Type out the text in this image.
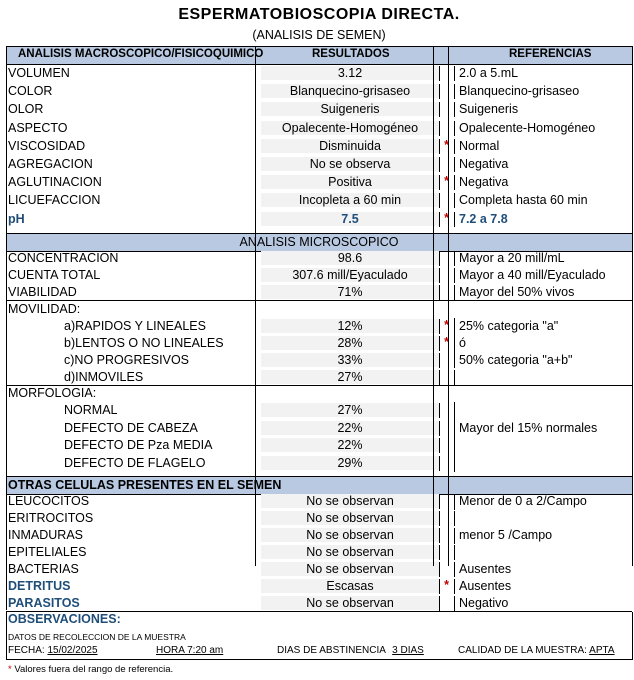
ESPERMATOBIOSCOPIA DIRECTA.
(ANALISIS DE SEMEN)
ANALISIS MACROSCOPICO/FISICOQUIMICO	RESULTADOS	REFERENCIAS
VOLUMEN	3.12	2.0 a 5.mL
COLOR	Blanquecino-grisaseo	Blanquecino-grisaseo
OLOR	Suigeneris	Suigeneris
ASPECTO	Opalecente-Homogéneo	Opalecente-Homogéneo
VISCOSIDAD	Disminuida	* Normal
AGREGACION	No se observa	Negativa
AGLUTINACION	Positiva	* Negativa
LICUEFACCION	Incopleta a 60 min	Completa hasta 60 min
pH	7.5	* 7.2 a 7.8
ANALISIS MICROSCOPICO
CONCENTRACION	98.6	Mayor a 20 mill/mL
CUENTA TOTAL	307.6 mill/Eyaculado	Mayor a 40 mill/Eyaculado
VIABILIDAD	71%	Mayor del 50% vivos
MOVILIDAD:
a)RAPIDOS Y LINEALES	12%	* 25% categoria "a"
b)LENTOS O NO LINEALES	28%	* ó
c)NO PROGRESIVOS	33%	50% categoria "a+b"
d)INMOVILES	27%
MORFOLOGIA:
NORMAL	27%
DEFECTO DE CABEZA	22%
DEFECTO DE Pza MEDIA	22%
DEFECTO DE FLAGELO	29%
Mayor del 15% normales
OTRAS CELULAS PRESENTES EN EL SEMEN
LEUCOCITOS	No se observan	Menor de 0 a 2/Campo
ERITROCITOS	No se observan
INMADURAS	No se observan	menor 5 /Campo
EPITELIALES	No se observan
BACTERIAS	No se observan	Ausentes
DETRITUS	Escasas	* Ausentes
PARASITOS	No se observan	Negativo
OBSERVACIONES:
DATOS DE RECOLECCION DE LA MUESTRA
FECHA: 15/02/2025	HORA 7:20 am	DIAS DE ABSTINENCIA 3 DIAS	CALIDAD DE LA MUESTRA: APTA
* Valores fuera del rango de referencia.
